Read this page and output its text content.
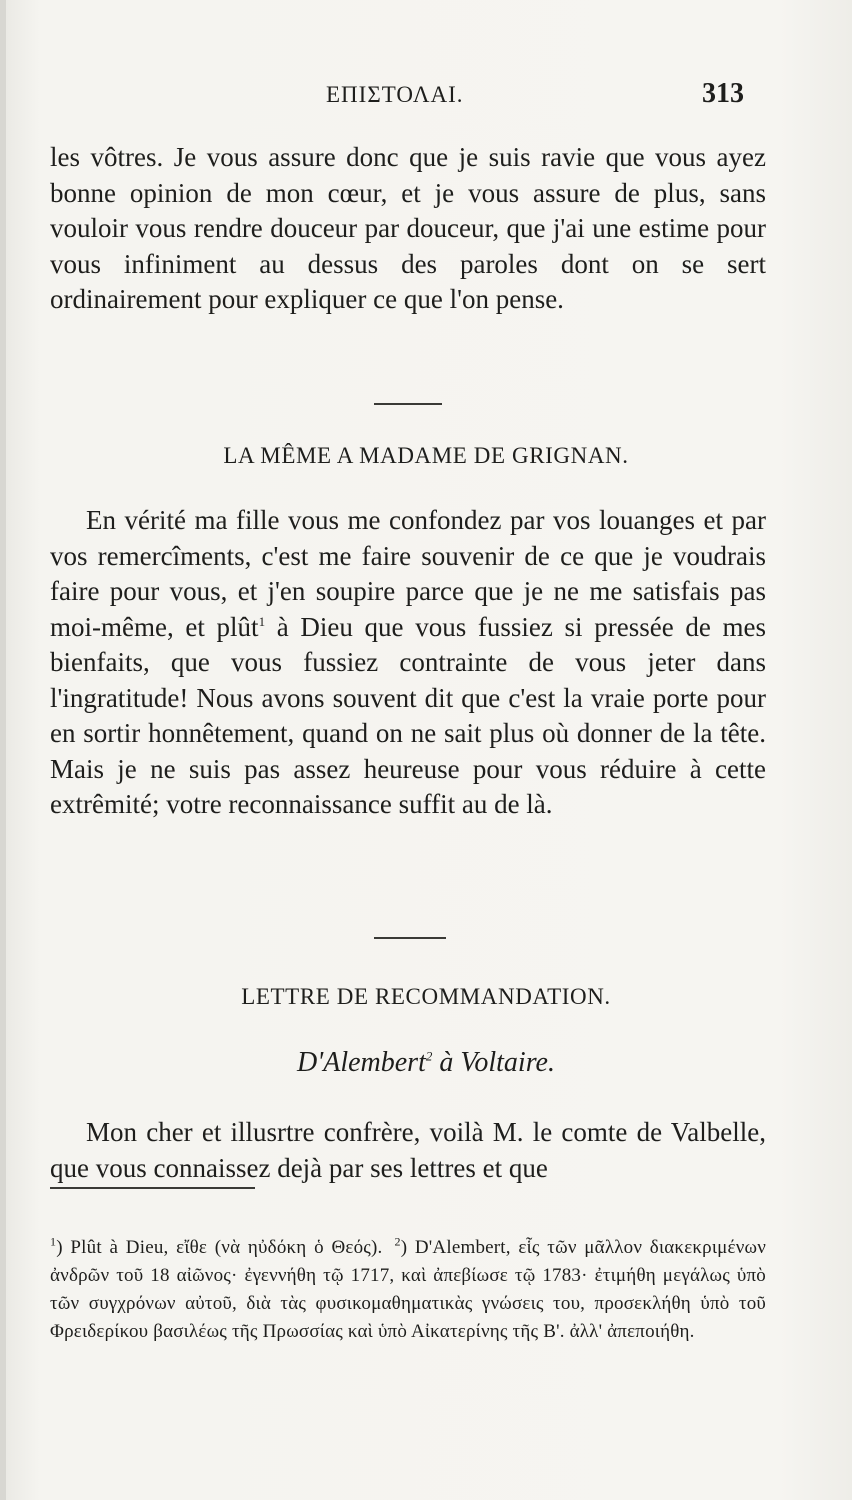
ΕΠΙΣΤΟΛΑΙ.	313

les vôtres. Je vous assure donc que je suis ravie que vous ayez bonne opinion de mon cœur, et je vous assure de plus, sans vouloir vous rendre douceur par douceur, que j'ai une estime pour vous infiniment au dessus des paroles dont on se sert ordinairement pour expliquer ce que l'on pense.

LA MÊME A MADAME DE GRIGNAN.

En vérité ma fille vous me confondez par vos louanges et par vos remercîments, c'est me faire souvenir de ce que je voudrais faire pour vous, et j'en soupire parce que je ne me satisfais pas moi-même, et plût$^1$ à Dieu que vous fussiez si pressée de mes bienfaits, que vous fussiez contrainte de vous jeter dans l'ingratitude! Nous avons souvent dit que c'est la vraie porte pour en sortir honnêtement, quand on ne sait plus où donner de la tête. Mais je ne suis pas assez heureuse pour vous réduire à cette extrêmité; votre reconnaissance suffit au de là.

LETTRE DE RECOMMANDATION.
D'Alembert$^2$ à Voltaire.

Mon cher et illusrtre confrère, voilà M. le comte de Valbelle, que vous connaissez dejà par ses lettres et que

$^1$) Plût à Dieu, εἴθε (νὰ ηὐδόκη ὁ Θεός). $^2$) D'Alembert, εἷς τῶν μᾶλλον διακεκριμένων ἀνδρῶν τοῦ 18 αἰῶνος· ἐγεννήθη τῷ 1717, καὶ ἀπεβίωσε τῷ 1783· ἐτιμήθη μεγάλως ὑπὸ τῶν συγχρόνων αὐτοῦ, διὰ τὰς φυσικομαθηματικὰς γνώσεις του, προσεκλήθη ὑπὸ τοῦ Φρειδερίκου βασιλέως τῆς Πρωσσίας καὶ ὑπὸ Αἰκατερίνης τῆς Β'. ἀλλ' ἀπεποιήθη.
